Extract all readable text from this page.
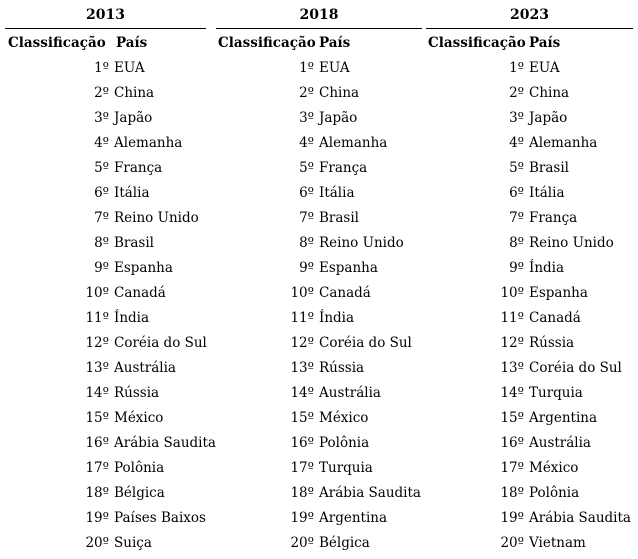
2013
Classificação País
1º EUA
2º China
3º Japão
4º Alemanha
5º França
6º Itália
7º Reino Unido
8º Brasil
9º Espanha
10º Canadá
11º Índia
12º Coréia do Sul
13º Austrália
14º Rússia
15º México
16º Arábia Saudita
17º Polônia
18º Bélgica
19º Países Baixos
20º Suiça
2018
Classificação País
1º EUA
2º China
3º Japão
4º Alemanha
5º França
6º Itália
7º Brasil
8º Reino Unido
9º Espanha
10º Canadá
11º Índia
12º Coréia do Sul
13º Rússia
14º Austrália
15º México
16º Polônia
17º Turquia
18º Arábia Saudita
19º Argentina
20º Bélgica
2023
Classificação País
1º EUA
2º China
3º Japão
4º Alemanha
5º Brasil
6º Itália
7º França
8º Reino Unido
9º Índia
10º Espanha
11º Canadá
12º Rússia
13º Coréia do Sul
14º Turquia
15º Argentina
16º Austrália
17º México
18º Polônia
19º Arábia Saudita
20º Vietnam
